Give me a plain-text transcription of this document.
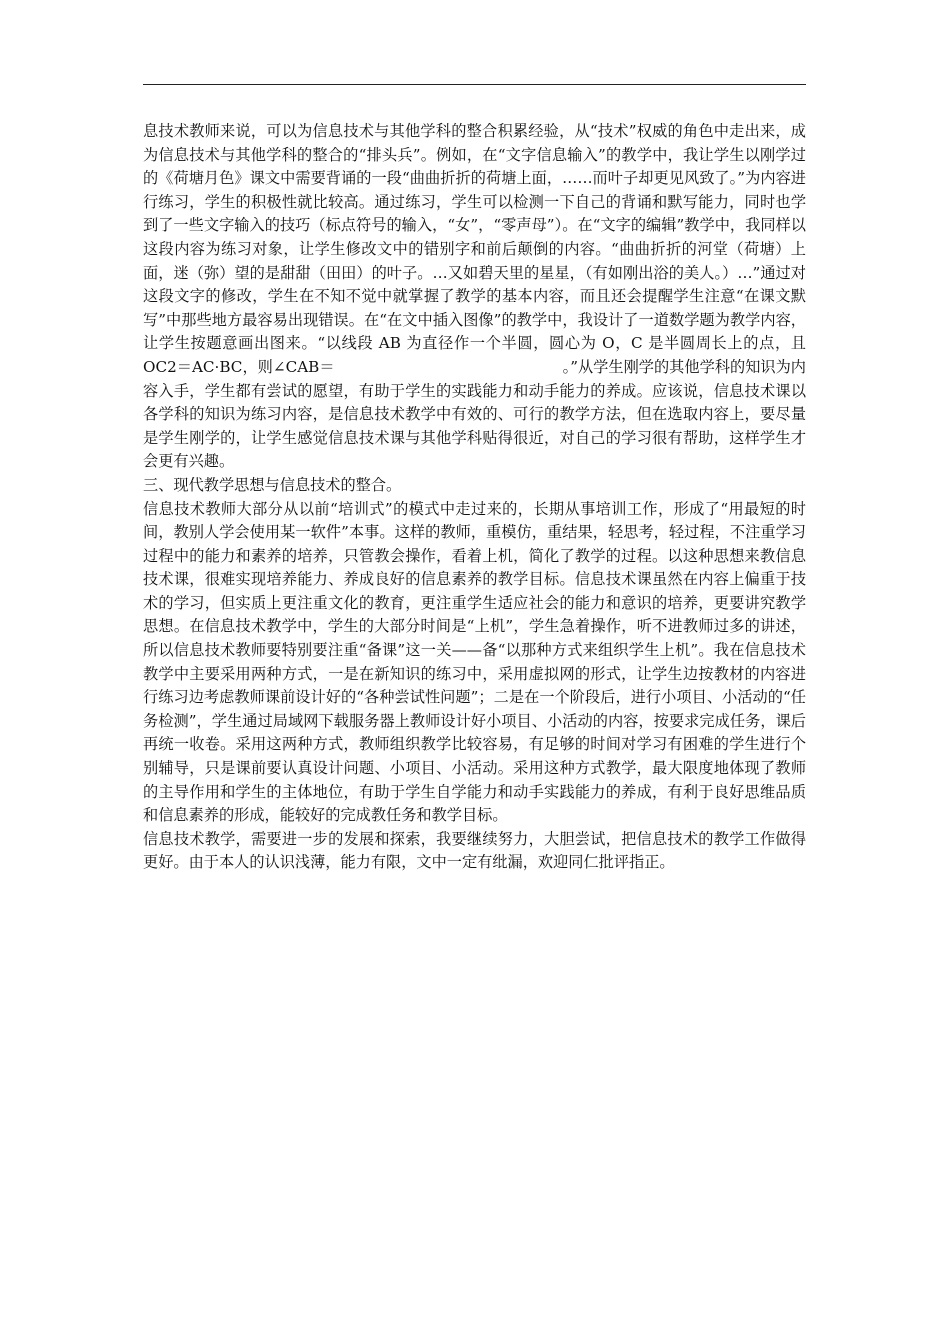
息技术教师来说，可以为信息技术与其他学科的整合积累经验，从“技术”权威的角色中走出来，成为信息技术与其他学科的整合的“排头兵”。例如，在“文字信息输入”的教学中，我让学生以刚学过的《荷塘月色》课文中需要背诵的一段“曲曲折折的荷塘上面，……而叶子却更见风致了。”为内容进行练习，学生的积极性就比较高。通过练习，学生可以检测一下自己的背诵和默写能力，同时也学到了一些文字输入的技巧（标点符号的输入，“女”，“零声母”）。在“文字的编辑”教学中，我同样以这段内容为练习对象，让学生修改文中的错别字和前后颠倒的内容。“曲曲折折的河堂（荷塘）上面，迷（弥）望的是甜甜（田田）的叶子。…又如碧天里的星星，（有如刚出浴的美人。）…”通过对这段文字的修改，学生在不知不觉中就掌握了教学的基本内容，而且还会提醒学生注意“在课文默写”中那些地方最容易出现错误。在“在文中插入图像”的教学中，我设计了一道数学题为教学内容，让学生按题意画出图来。“以线段 AB 为直径作一个半圆，圆心为 O，C 是半圆周长上的点，且 OC2＝AC·BC，则∠CAB＝　　　　　　　　　　　　　　　。”从学生刚学的其他学科的知识为内容入手，学生都有尝试的愿望，有助于学生的实践能力和动手能力的养成。应该说，信息技术课以各学科的知识为练习内容，是信息技术教学中有效的、可行的教学方法，但在选取内容上，要尽量是学生刚学的，让学生感觉信息技术课与其他学科贴得很近，对自己的学习很有帮助，这样学生才会更有兴趣。

三、现代教学思想与信息技术的整合。

信息技术教师大部分从以前“培训式”的模式中走过来的，长期从事培训工作，形成了“用最短的时间，教别人学会使用某一软件”本事。这样的教师，重模仿，重结果，轻思考，轻过程，不注重学习过程中的能力和素养的培养，只管教会操作，看着上机，简化了教学的过程。以这种思想来教信息技术课，很难实现培养能力、养成良好的信息素养的教学目标。信息技术课虽然在内容上偏重于技术的学习，但实质上更注重文化的教育，更注重学生适应社会的能力和意识的培养，更要讲究教学思想。在信息技术教学中，学生的大部分时间是“上机”，学生急着操作，听不进教师过多的讲述，所以信息技术教师要特别要注重“备课”这一关——备“以那种方式来组织学生上机”。我在信息技术教学中主要采用两种方式，一是在新知识的练习中，采用虚拟网的形式，让学生边按教材的内容进行练习边考虑教师课前设计好的“各种尝试性问题”；二是在一个阶段后，进行小项目、小活动的“任务检测”，学生通过局域网下载服务器上教师设计好小项目、小活动的内容，按要求完成任务，课后再统一收卷。采用这两种方式，教师组织教学比较容易，有足够的时间对学习有困难的学生进行个别辅导，只是课前要认真设计问题、小项目、小活动。采用这种方式教学，最大限度地体现了教师的主导作用和学生的主体地位，有助于学生自学能力和动手实践能力的养成，有利于良好思维品质和信息素养的形成，能较好的完成教任务和教学目标。

信息技术教学，需要进一步的发展和探索，我要继续努力，大胆尝试，把信息技术的教学工作做得更好。由于本人的认识浅薄，能力有限，文中一定有纰漏，欢迎同仁批评指正。
